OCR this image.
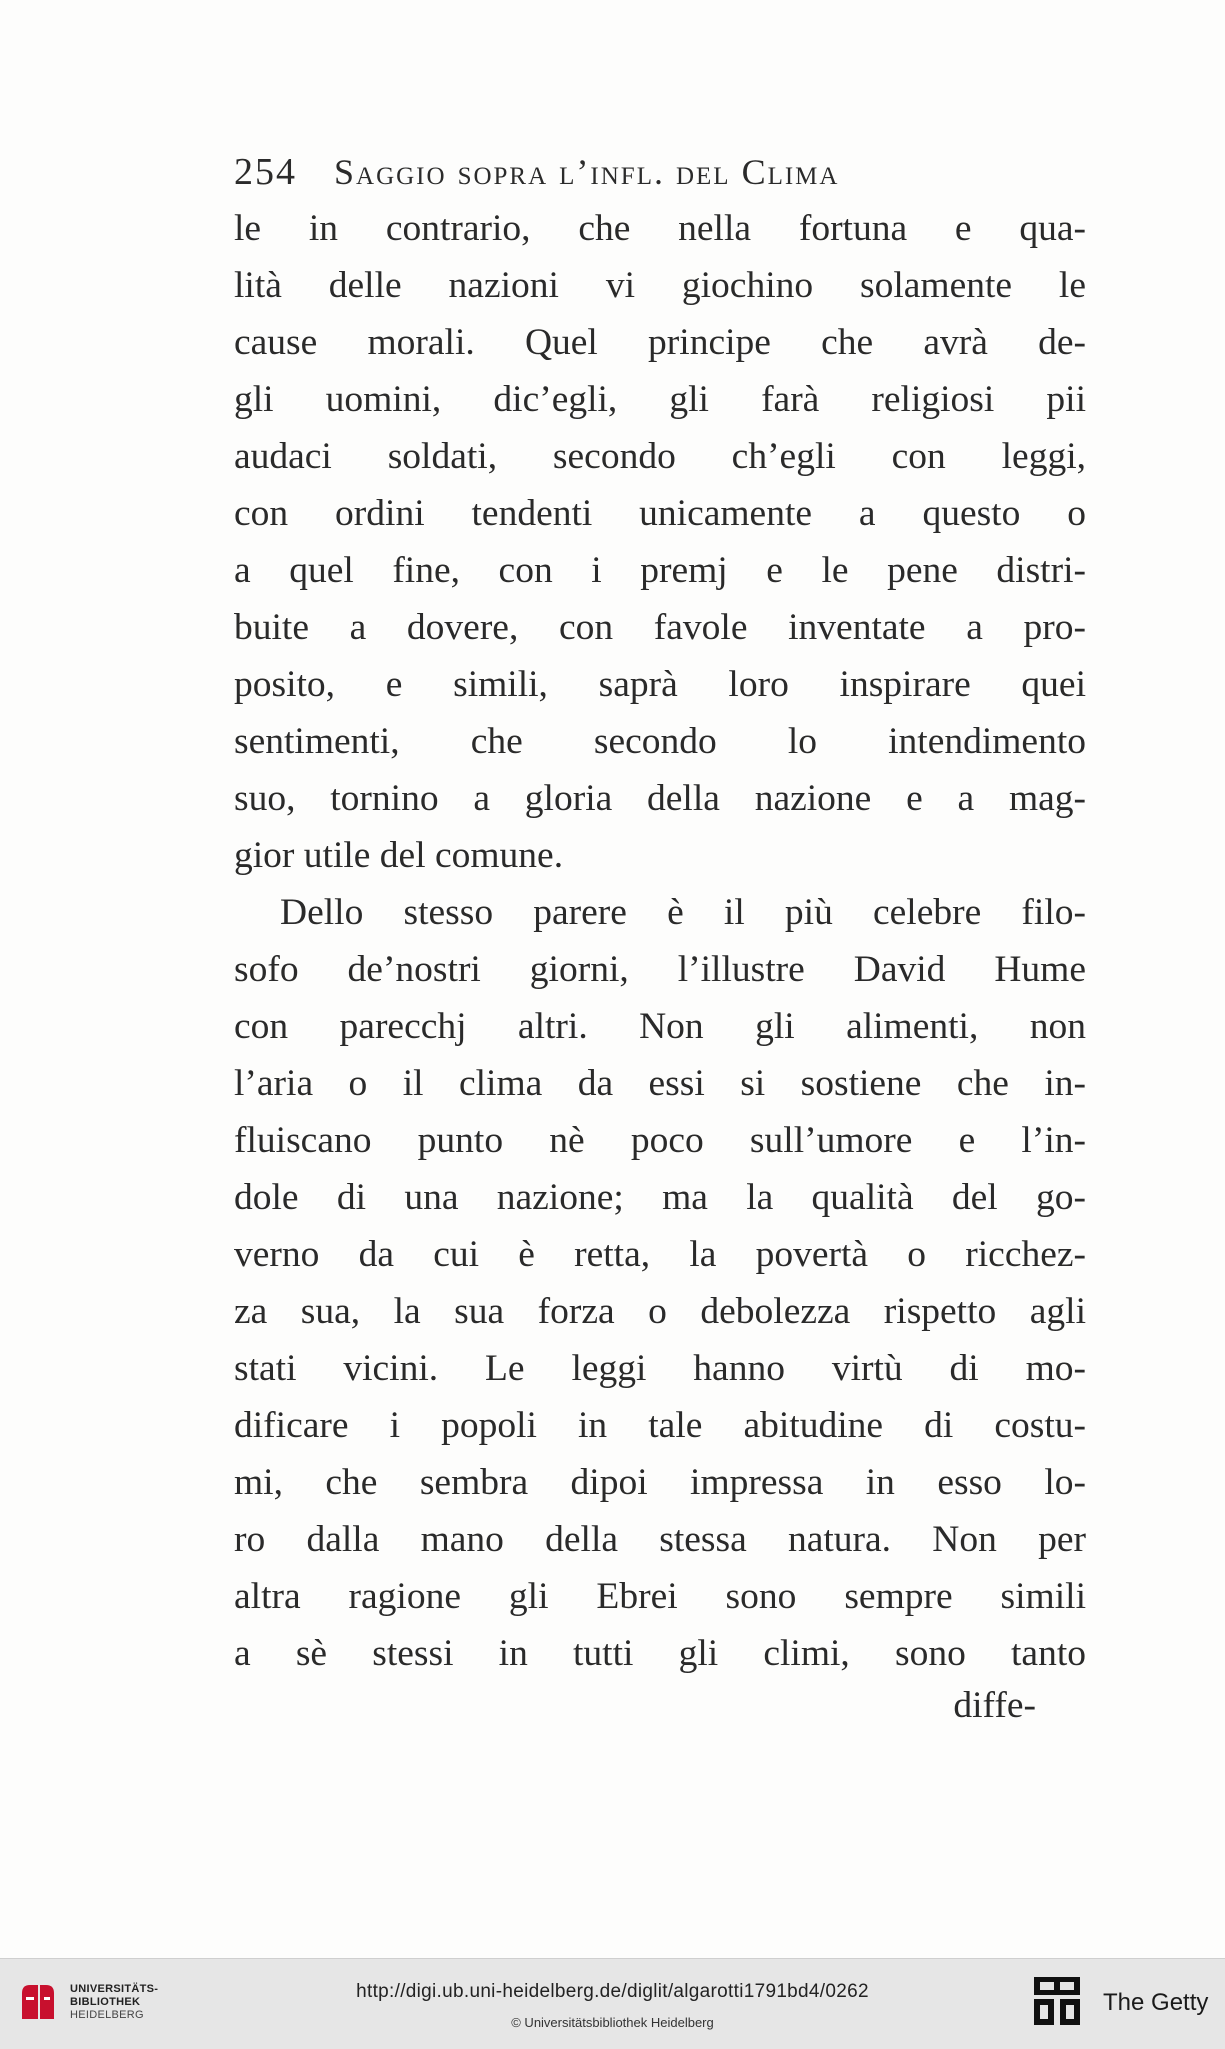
254 Saggio sopra l’infl. del Clima
le in contrario, che nella fortuna e qua-
lità delle nazioni vi giochino solamente le
cause morali. Quel principe che avrà de-
gli uomini, dic’egli, gli farà religiosi pii
audaci soldati, secondo ch’egli con leggi,
con ordini tendenti unicamente a questo o
a quel fine, con i premj e le pene distri-
buite a dovere, con favole inventate a pro-
posito, e simili, saprà loro inspirare quei
sentimenti, che secondo lo intendimento
suo, tornino a gloria della nazione e a mag-
gior utile del comune.
Dello stesso parere è il più celebre filo-
sofo de’nostri giorni, l’illustre David Hume
con parecchj altri. Non gli alimenti, non
l’aria o il clima da essi si sostiene che in-
fluiscano punto nè poco sull’umore e l’in-
dole di una nazione; ma la qualità del go-
verno da cui è retta, la povertà o ricchez-
za sua, la sua forza o debolezza rispetto agli
stati vicini. Le leggi hanno virtù di mo-
dificare i popoli in tale abitudine di costu-
mi, che sembra dipoi impressa in esso lo-
ro dalla mano della stessa natura. Non per
altra ragione gli Ebrei sono sempre simili
a sè stessi in tutti gli climi, sono tanto
diffe-
UNIVERSITÄTS-
BIBLIOTHEK
HEIDELBERG
http://digi.ub.uni-heidelberg.de/diglit/algarotti1791bd4/0262
© Universitätsbibliothek Heidelberg
The Getty
